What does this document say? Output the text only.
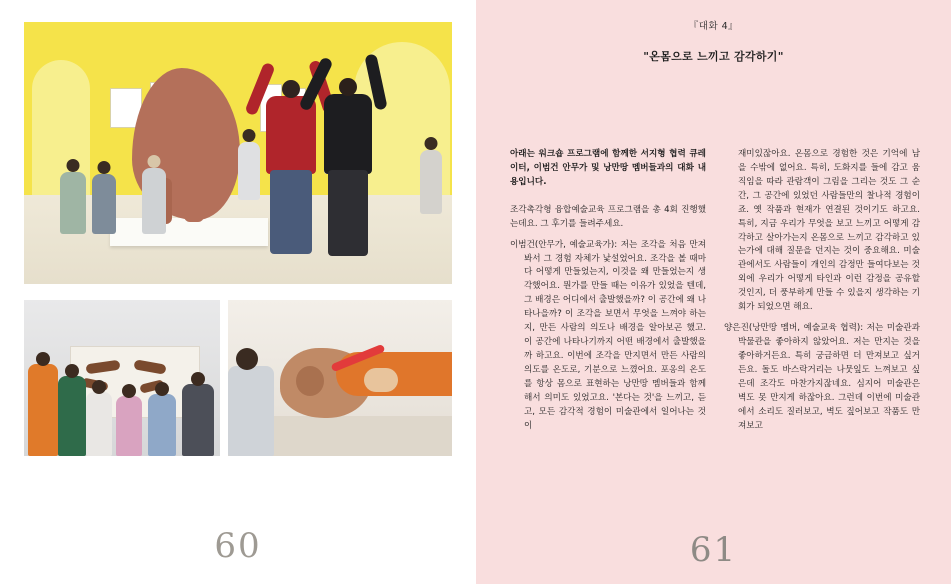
60
『대화 4』
"온몸으로 느끼고 감각하기"

아래는 워크숍 프로그램에 함께한 서지형 협력 큐레이터, 이범건 안무가 및 낭만땅 멤버들과의 대화 내용입니다.

조각촉각형 융합예술교육 프로그램을 총 4회 진행했는데요. 그 후기를 들려주세요.

이범건(안무가, 예술교육가): 저는 조각을 처음 만져봐서 그 경험 자체가 낯설었어요. 조각을 볼 때마다 어떻게 만들었는지, 이것을 왜 만들었는지 생각했어요. 뭔가를 만들 때는 이유가 있었을 텐데, 그 배경은 어디에서 출발했을까? 이 공간에 왜 나타나을까? 이 조각을 보면서 무엇을 느껴야 하는지, 만든 사람의 의도나 배경을 알아보곤 했고. 이 공간에 나타나기까지 어떤 배경에서 출발했을까 하고요. 이번에 조각을 만지면서 만든 사람의 의도를 온도로, 기분으로 느꼈어요. 포옹의 온도를 항상 몸으로 표현하는 낭만땅 멤버들과 함께해서 의미도 있었고요. '본다는 것'을 느끼고, 듣고, 모든 감각적 경험이 미술관에서 일어나는 것이

재미있잖아요. 온몸으로 경험한 것은 기억에 남을 수밖에 없어요. 특히, 도화지를 들에 감고 움직임을 따라 관람객이 그림을 그리는 것도 그 순간, 그 공간에 있었던 사람들만의 찰나적 경험이죠. 옛 작품과 현재가 연결된 것이기도 하고요. 특히, 지금 우리가 무엇을 보고 느끼고 어떻게 감각하고 살아가는지 온몸으로 느끼고 감각하고 있는가에 대해 질문을 던지는 것이 중요해요. 미술관에서도 사람들이 개인의 감정만 들여다보는 것 외에 우리가 어떻게 타인과 이런 감정을 공유할 것인지, 더 풍부하게 만들 수 있을지 생각하는 기회가 되었으면 해요.

양은진(낭만땅 멤버, 예술교육 협력): 저는 미술관과 박물관을 좋아하지 않았어요. 저는 만지는 것을 좋아하거든요. 특히 궁금하면 더 만져보고 싶거든요. 돌도 바스락거리는 나뭇잎도 느껴보고 싶은데 조각도 마찬가지잖네요. 심지어 미술관은 벽도 못 만지게 하잖아요. 그런데 이번에 미술관에서 소리도 질러보고, 벽도 짚어보고 작품도 만져보고

61
